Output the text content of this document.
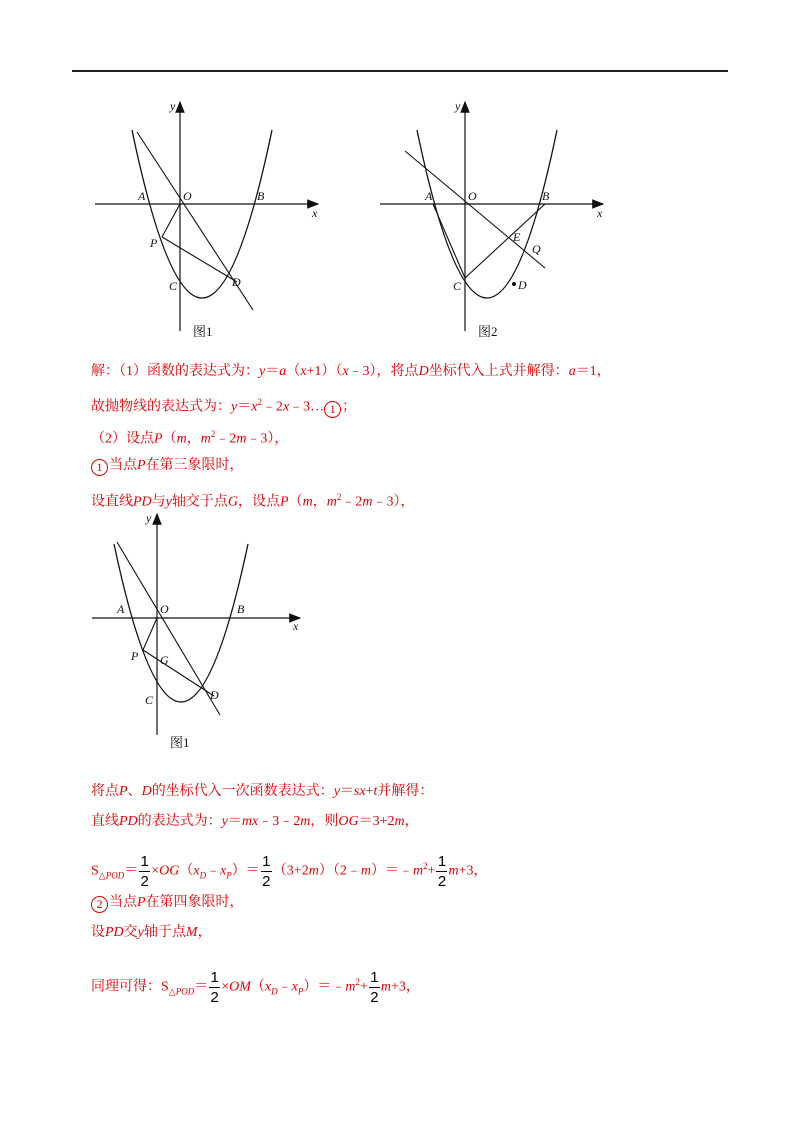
y
x
A	O	B
P
C	D
图1
y
x
A	O	B
E
Q
C	D
图2
y
x
A	O	B
P G
C	D
图1
解：（1）函数的表达式为：y＝a（x+1）（x﹣3），将点D坐标代入上式并解得：a＝1，
故抛物线的表达式为：$y=x^2﹣2x﹣3\dots$ 1 ；
（2）设点P（m，$m^2﹣2m﹣3$），
1 当点P在第三象限时，
设直线PD与y轴交于点G，设点P（m，$m^2﹣2m﹣3$），
将点P、D的坐标代入一次函数表达式：y＝sx+t并解得：
直线PD的表达式为：y＝mx﹣3﹣2m，则OG＝3+2m，
$S_{\triangle POD}= \frac{1}{2}$ $\times OG(x_D﹣x_P)= \frac{1}{2}$ $(3+2m)(2﹣m)=﹣m^2+ \frac{1}{2} m+3$，
2 当点P在第四象限时，
设PD交y轴于点M，
同理可得：$S_{\triangle POD}= \frac{1}{2}$ $\times OM(x_D﹣x_P)=﹣m^2+ \frac{1}{2} m+3$，
